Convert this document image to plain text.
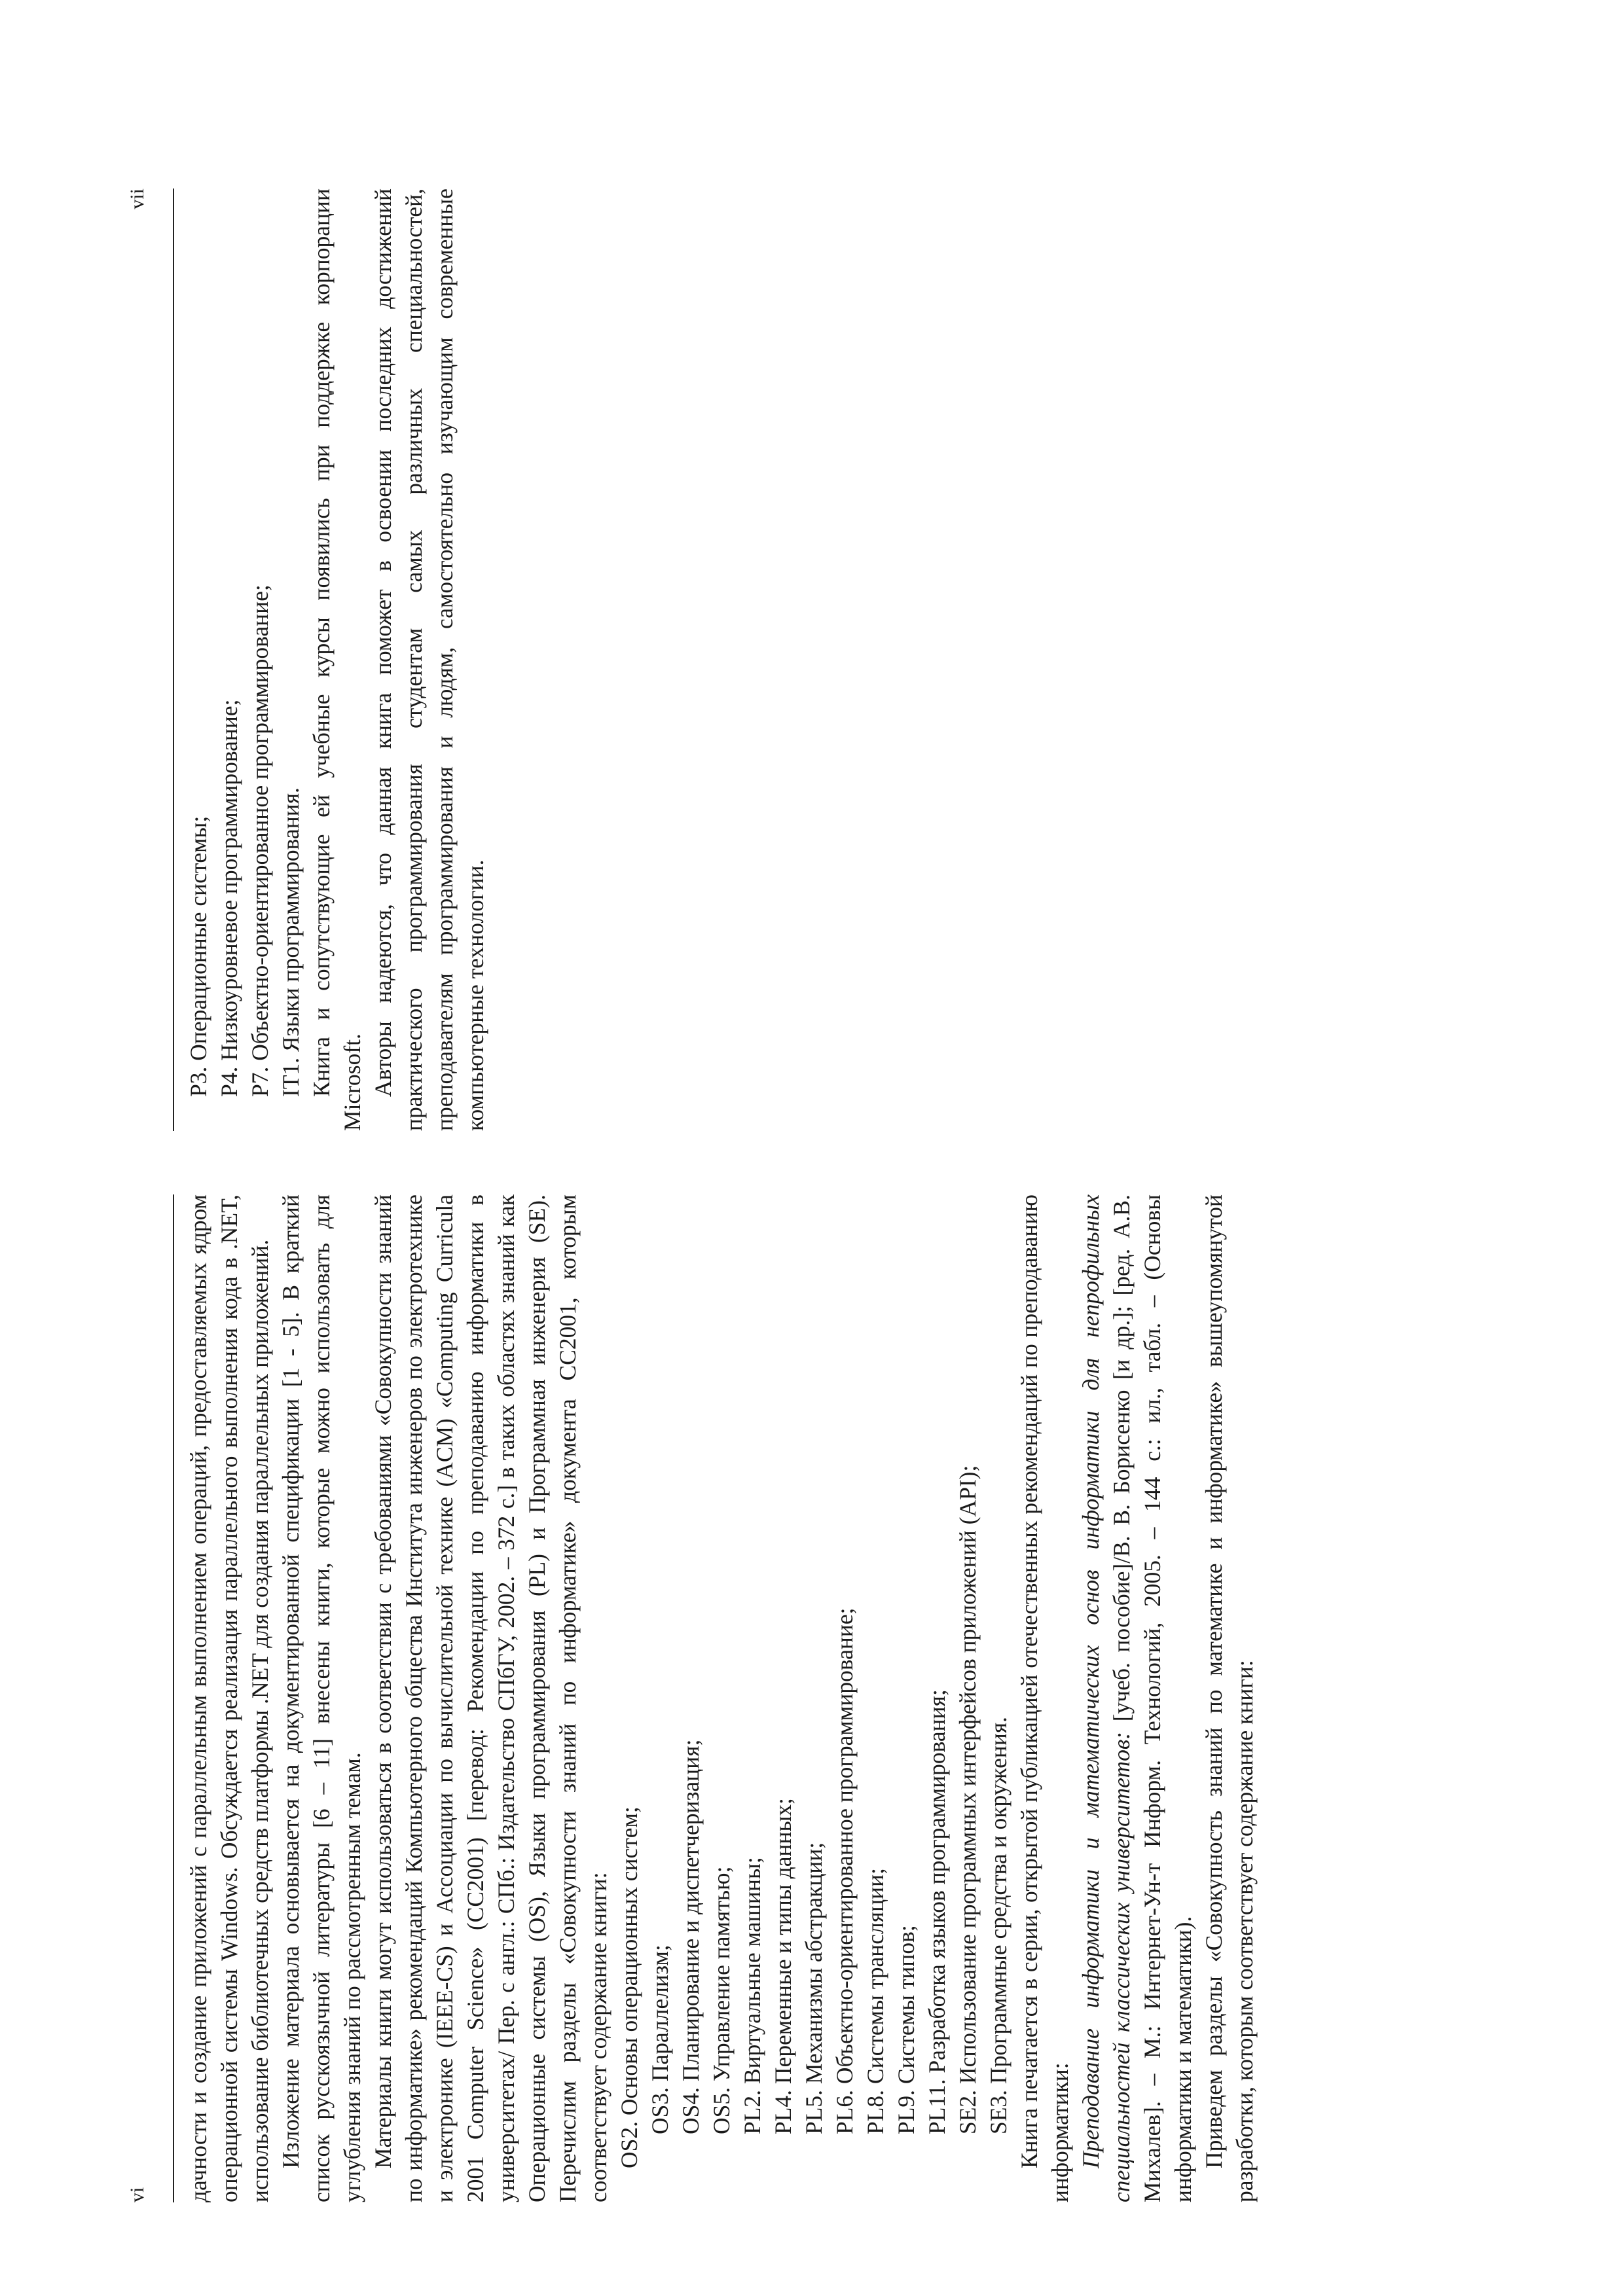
vi дачности и создание приложений с параллельным выполнением операций, предоставляемых ядром операционной системы Windows. Обсуждается реализация параллельного выполнения кода в .NET, использование библиотечных средств платформы .NET для создания параллельных приложений. Изложение материала основывается на документированной спецификации [1 - 5]. В краткий список русскоязычной литературы [6 – 11] внесены книги, которые можно использовать для углубления знаний по рассмотренным темам. Материалы книги могут использоваться в соответствии с требованиями «Совокупности знаний по информатике» рекомендаций Компьютерного общества Института инженеров по электротехнике и электронике (IEEE-CS) и Ассоциации по вычислительной технике (ACM) «Computing Curricula 2001 Computer Science» (CC2001) [перевод: Рекомендации по преподаванию информатики в университетах/ Пер. с англ.: СПб.: Издательство СПбГУ, 2002. – 372 с.] в таких областях знаний как Операционные системы (OS), Языки программирования (PL) и Программная инженерия (SE). Перечислим разделы «Совокупности знаний по информатике» документа CC2001, которым соответствует содержание книги: OS2. Основы операционных систем; OS3. Параллелизм; OS4. Планирование и диспетчеризация; OS5. Управление памятью; PL2. Виртуальные машины; PL4. Переменные и типы данных; PL5. Механизмы абстракции; PL6. Объектно-ориентированное программирование; PL8. Системы трансляции; PL9. Системы типов; PL11. Разработка языков программирования; SE2. Использование программных интерфейсов приложений (API); SE3. Программные средства и окружения. Книга печатается в серии, открытой публикацией отечественных рекомендаций по преподаванию информатики: Преподавание информатики и математических основ информатики для непрофильных специальностей классических университетов: [учеб. пособие]/В. В. Борисенко [и др.]; [ред. А.В. Михалев]. – М.: Интернет-Ун-т Информ. Технологий, 2005. – 144 с.: ил., табл. – (Основы информатики и математики). Приведем разделы «Совокупность знаний по математике и информатике» вышеупомянутой разработки, которым соответствует содержание книги:

vii

P3. Операционные системы; P4. Низкоуровневое программирование; P7. Объектно-ориентированное программирование; IT1. Языки программирования. Книга и сопутствующие ей учебные курсы появились при поддержке корпорации Microsoft. Авторы надеются, что данная книга поможет в освоении последних достижений практического программирования студентам самых различных специальностей, преподавателям программирования и людям, самостоятельно изучающим современные компьютерные технологии.
